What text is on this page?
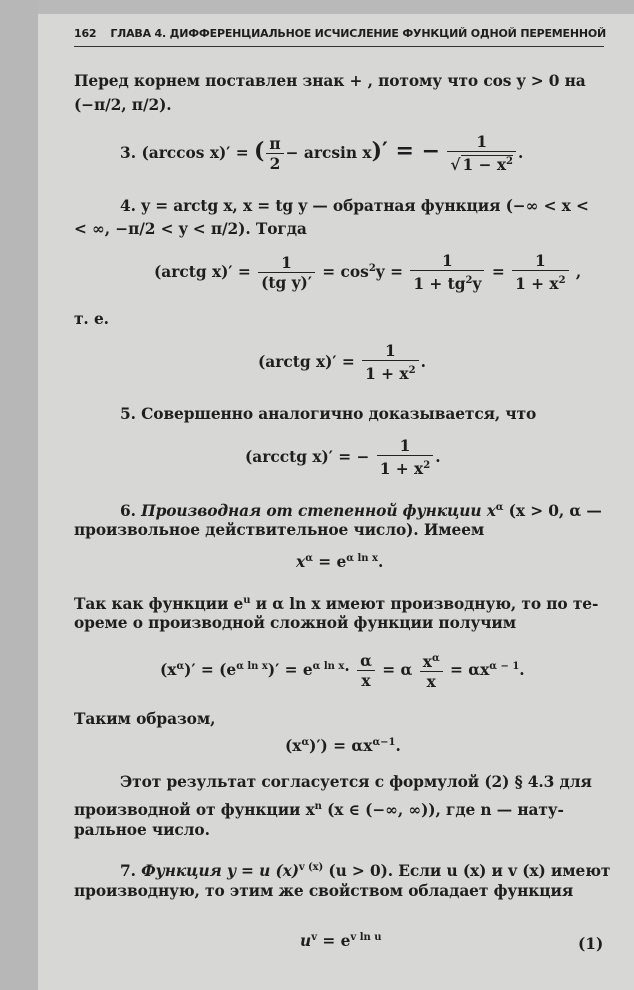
162 ГЛАВА 4. ДИФФЕРЕНЦИАЛЬНОЕ ИСЧИСЛЕНИЕ ФУНКЦИЙ ОДНОЙ ПЕРЕМЕННОЙ
Перед корнем поставлен знак + , потому что cos y > 0 на
(−π/2, π/2).
3. (arccos x)′ = ( $\frac{\pi}{2} - \arcsin x)'$ = − $\frac{1}{√ 1 - x^2}$ .
4. y = arctg x, x = tg y — обратная функция (−∞ < x <
< ∞, −π/2 < y < π/2). Тогда
(arctg $x)' = \frac{1}{\text{(tg y)′}} = \cos^2y = \frac{1}{1 + tg^2y} = \frac{1}{1 + x^2}$ ,
т. е.
(arctg $x)' = \frac{1}{1 + x^2}$ .
5. Совершенно аналогично доказывается, что
(arcctg x)′ = − $\frac{1}{1 + x^2}$ .
6. Производная от степенной функции $x^\alpha$ (x > 0, α —
произвольное действительное число). Имеем
$x^\alpha = e^{\alpha ln x}$.
Так как функции $e^u$ и α ln x имеют производную, то по те-
ореме о производной сложной функции получим
$(x^\alpha)' = (e^{\alpha ln x})' = e^{\alpha ln x}\cdot \frac{\alpha}{x} = \alpha \frac{x^\alpha}{x} = \alpha x^{\alpha - 1}$.
Таким образом,
$(x^\alpha)') = \alpha x^{\alpha-1}$.
Этот результат согласуется с формулой (2) § 4.3 для
производной от функции $x^n$ (x ∈ (−∞, ∞)), где n — нату-
ральное число.
7. Функция y = u $(x)^{v (x)}$ (u > 0). Если u (x) и v (x) имеют
производную, то этим же свойством обладает функция
$u^v = e^{v ln u}$	(1)
